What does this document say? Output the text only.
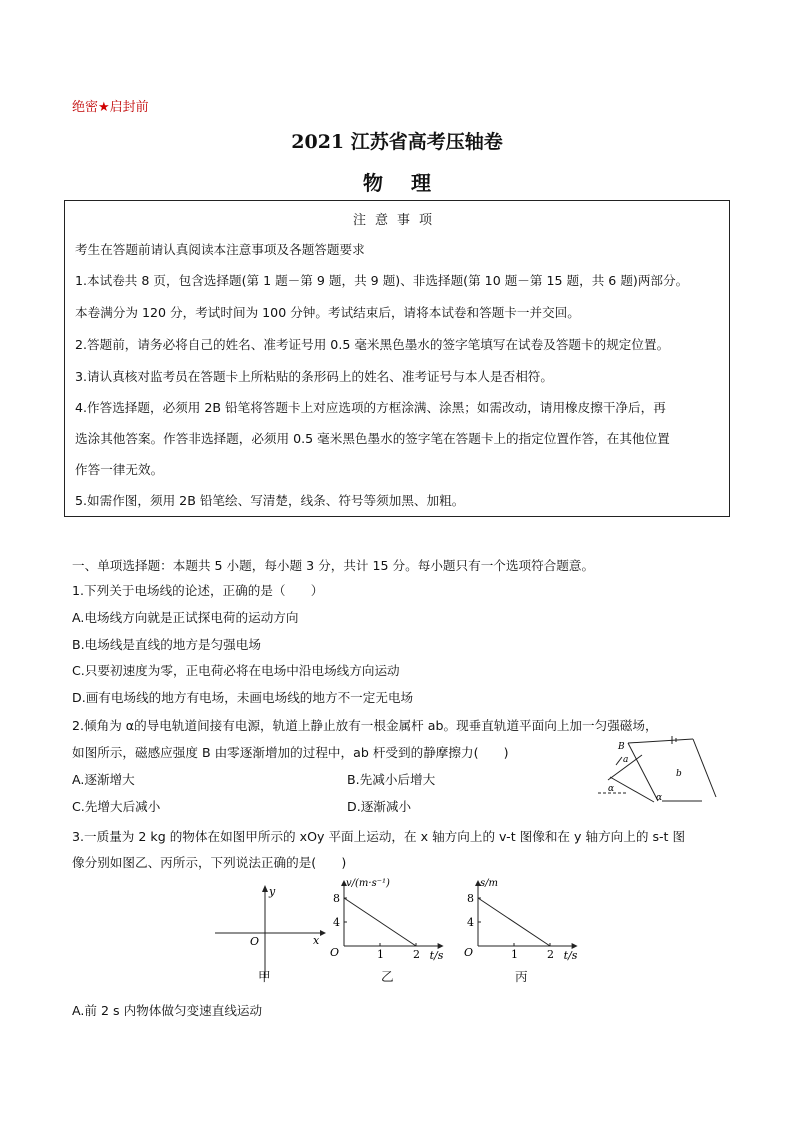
绝密★启封前
2021 江苏省高考压轴卷
物理
注意事项
考生在答题前请认真阅读本注意事项及各题答题要求
1.本试卷共 8 页，包含选择题(第 1 题－第 9 题，共 9 题)、非选择题(第 10 题－第 15 题，共 6 题)两部分。
本卷满分为 120 分，考试时间为 100 分钟。考试结束后，请将本试卷和答题卡一并交回。
2.答题前，请务必将自己的姓名、准考证号用 0.5 毫米黑色墨水的签字笔填写在试卷及答题卡的规定位置。
3.请认真核对监考员在答题卡上所粘贴的条形码上的姓名、准考证号与本人是否相符。
4.作答选择题，必须用 2B 铅笔将答题卡上对应选项的方框涂满、涂黑；如需改动，请用橡皮擦干净后，再
选涂其他答案。作答非选择题，必须用 0.5 毫米黑色墨水的签字笔在答题卡上的指定位置作答，在其他位置
作答一律无效。
5.如需作图，须用 2B 铅笔绘、写清楚，线条、符号等须加黑、加粗。
一、单项选择题：本题共 5 小题，每小题 3 分，共计 15 分。每小题只有一个选项符合题意。
1.下列关于电场线的论述，正确的是（　　）
A.电场线方向就是正试探电荷的运动方向
B.电场线是直线的地方是匀强电场
C.只要初速度为零，正电荷必将在电场中沿电场线方向运动
D.画有电场线的地方有电场，未画电场线的地方不一定无电场
2.倾角为 α的导电轨道间接有电源，轨道上静止放有一根金属杆 ab。现垂直轨道平面向上加一匀强磁场，
如图所示，磁感应强度 B 由零逐渐增加的过程中，ab 杆受到的静摩擦力(　　)
A.逐渐增大	B.先减小后增大
C.先增大后减小	D.逐渐减小
B
a
b
α
α
3.一质量为 2 kg 的物体在如图甲所示的 xOy 平面上运动，在 x 轴方向上的 v-t 图像和在 y 轴方向上的 s-t 图
像分别如图乙、丙所示，下列说法正确的是(　　)
y
x
O
甲
8
4
1	2
O
v/(m·s⁻¹)
t/s
乙
8
4
1	2
O
s/m
t/s
丙
A.前 2 s 内物体做匀变速直线运动
